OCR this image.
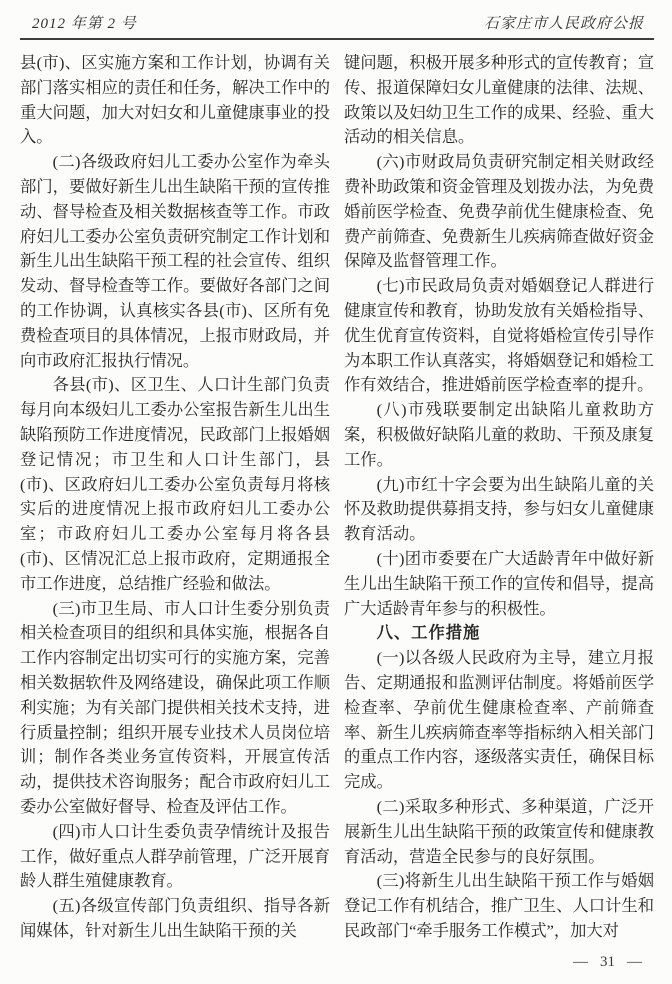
2012 年第 2 号	石家庄市人民政府公报

县(市)、区实施方案和工作计划，协调有关部门落实相应的责任和任务，解决工作中的重大问题，加大对妇女和儿童健康事业的投入。

(二)各级政府妇儿工委办公室作为牵头部门，要做好新生儿出生缺陷干预的宣传推动、督导检查及相关数据核查等工作。市政府妇儿工委办公室负责研究制定工作计划和新生儿出生缺陷干预工程的社会宣传、组织发动、督导检查等工作。要做好各部门之间的工作协调，认真核实各县(市)、区所有免费检查项目的具体情况，上报市财政局，并向市政府汇报执行情况。

各县(市)、区卫生、人口计生部门负责每月向本级妇儿工委办公室报告新生儿出生缺陷预防工作进度情况，民政部门上报婚姻登记情况；市卫生和人口计生部门，县(市)、区政府妇儿工委办公室负责每月将核实后的进度情况上报市政府妇儿工委办公室；市政府妇儿工委办公室每月将各县(市)、区情况汇总上报市政府，定期通报全市工作进度，总结推广经验和做法。

(三)市卫生局、市人口计生委分别负责相关检查项目的组织和具体实施，根据各自工作内容制定出切实可行的实施方案，完善相关数据软件及网络建设，确保此项工作顺利实施；为有关部门提供相关技术支持，进行质量控制；组织开展专业技术人员岗位培训；制作各类业务宣传资料，开展宣传活动，提供技术咨询服务；配合市政府妇儿工委办公室做好督导、检查及评估工作。

(四)市人口计生委负责孕情统计及报告工作，做好重点人群孕前管理，广泛开展育龄人群生殖健康教育。

(五)各级宣传部门负责组织、指导各新闻媒体，针对新生儿出生缺陷干预的关

键问题，积极开展多种形式的宣传教育；宣传、报道保障妇女儿童健康的法律、法规、政策以及妇幼卫生工作的成果、经验、重大活动的相关信息。

(六)市财政局负责研究制定相关财政经费补助政策和资金管理及划拨办法，为免费婚前医学检查、免费孕前优生健康检查、免费产前筛查、免费新生儿疾病筛查做好资金保障及监督管理工作。

(七)市民政局负责对婚姻登记人群进行健康宣传和教育，协助发放有关婚检指导、优生优育宣传资料，自觉将婚检宣传引导作为本职工作认真落实，将婚姻登记和婚检工作有效结合，推进婚前医学检查率的提升。

(八)市残联要制定出缺陷儿童救助方案，积极做好缺陷儿童的救助、干预及康复工作。

(九)市红十字会要为出生缺陷儿童的关怀及救助提供募捐支持，参与妇女儿童健康教育活动。

(十)团市委要在广大适龄青年中做好新生儿出生缺陷干预工作的宣传和倡导，提高广大适龄青年参与的积极性。

八、工作措施

(一)以各级人民政府为主导，建立月报告、定期通报和监测评估制度。将婚前医学检查率、孕前优生健康检查率、产前筛查率、新生儿疾病筛查率等指标纳入相关部门的重点工作内容，逐级落实责任，确保目标完成。

(二)采取多种形式、多种渠道，广泛开展新生儿出生缺陷干预的政策宣传和健康教育活动，营造全民参与的良好氛围。

(三)将新生儿出生缺陷干预工作与婚姻登记工作有机结合，推广卫生、人口计生和民政部门“牵手服务工作模式”，加大对

— 31 —
